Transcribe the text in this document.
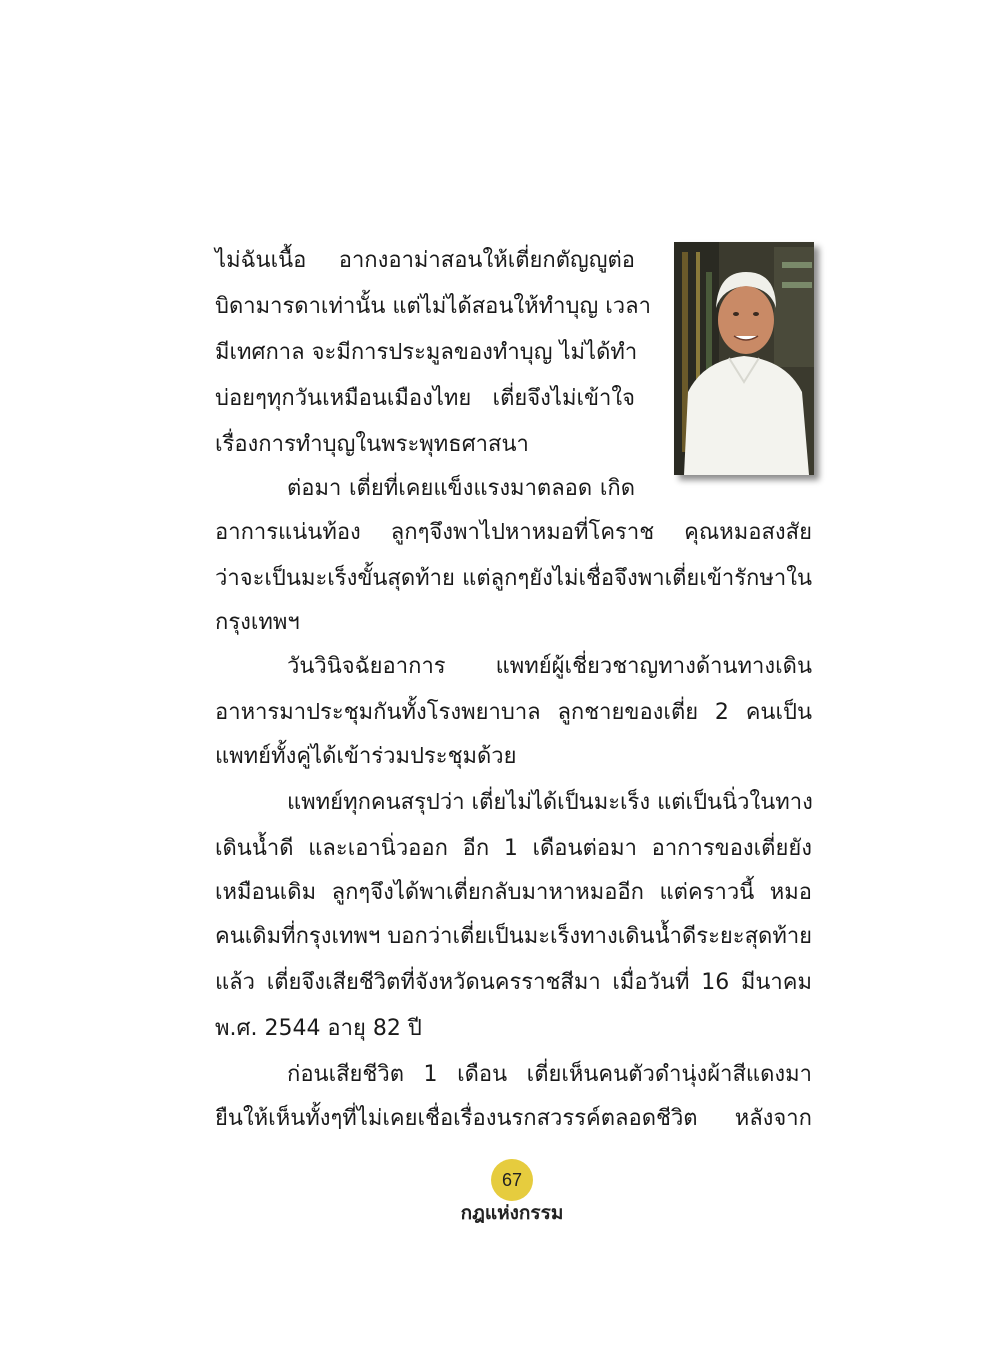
ไม่ฉันเนื้อ อากงอาม่าสอนให้เตี่ยกตัญญูต่อ
บิดามารดาเท่านั้น แต่ไม่ได้สอนให้ทำบุญ เวลา
มีเทศกาล จะมีการประมูลของทำบุญ ไม่ได้ทำ
บ่อยๆทุกวันเหมือนเมืองไทย เตี่ยจึงไม่เข้าใจ
เรื่องการทำบุญในพระพุทธศาสนา
ต่อมา เตี่ยที่เคยแข็งแรงมาตลอด เกิด
อาการแน่นท้อง ลูกๆจึงพาไปหาหมอที่โคราช คุณหมอสงสัย
ว่าจะเป็นมะเร็งขั้นสุดท้าย แต่ลูกๆยังไม่เชื่อจึงพาเตี่ยเข้ารักษาใน
กรุงเทพฯ
วันวินิจฉัยอาการ แพทย์ผู้เชี่ยวชาญทางด้านทางเดิน
อาหารมาประชุมกันทั้งโรงพยาบาล ลูกชายของเตี่ย 2 คนเป็น
แพทย์ทั้งคู่ได้เข้าร่วมประชุมด้วย
แพทย์ทุกคนสรุปว่า เตี่ยไม่ได้เป็นมะเร็ง แต่เป็นนิ่วในทาง
เดินน้ำดี และเอานิ่วออก อีก 1 เดือนต่อมา อาการของเตี่ยยัง
เหมือนเดิม ลูกๆจึงได้พาเตี่ยกลับมาหาหมออีก แต่คราวนี้ หมอ
คนเดิมที่กรุงเทพฯ บอกว่าเตี่ยเป็นมะเร็งทางเดินน้ำดีระยะสุดท้าย
แล้ว เตี่ยจึงเสียชีวิตที่จังหวัดนครราชสีมา เมื่อวันที่ 16 มีนาคม
พ.ศ. 2544 อายุ 82 ปี
ก่อนเสียชีวิต 1 เดือน เตี่ยเห็นคนตัวดำนุ่งผ้าสีแดงมา
ยืนให้เห็นทั้งๆที่ไม่เคยเชื่อเรื่องนรกสวรรค์ตลอดชีวิต หลังจาก
67
กฎแห่งกรรม
